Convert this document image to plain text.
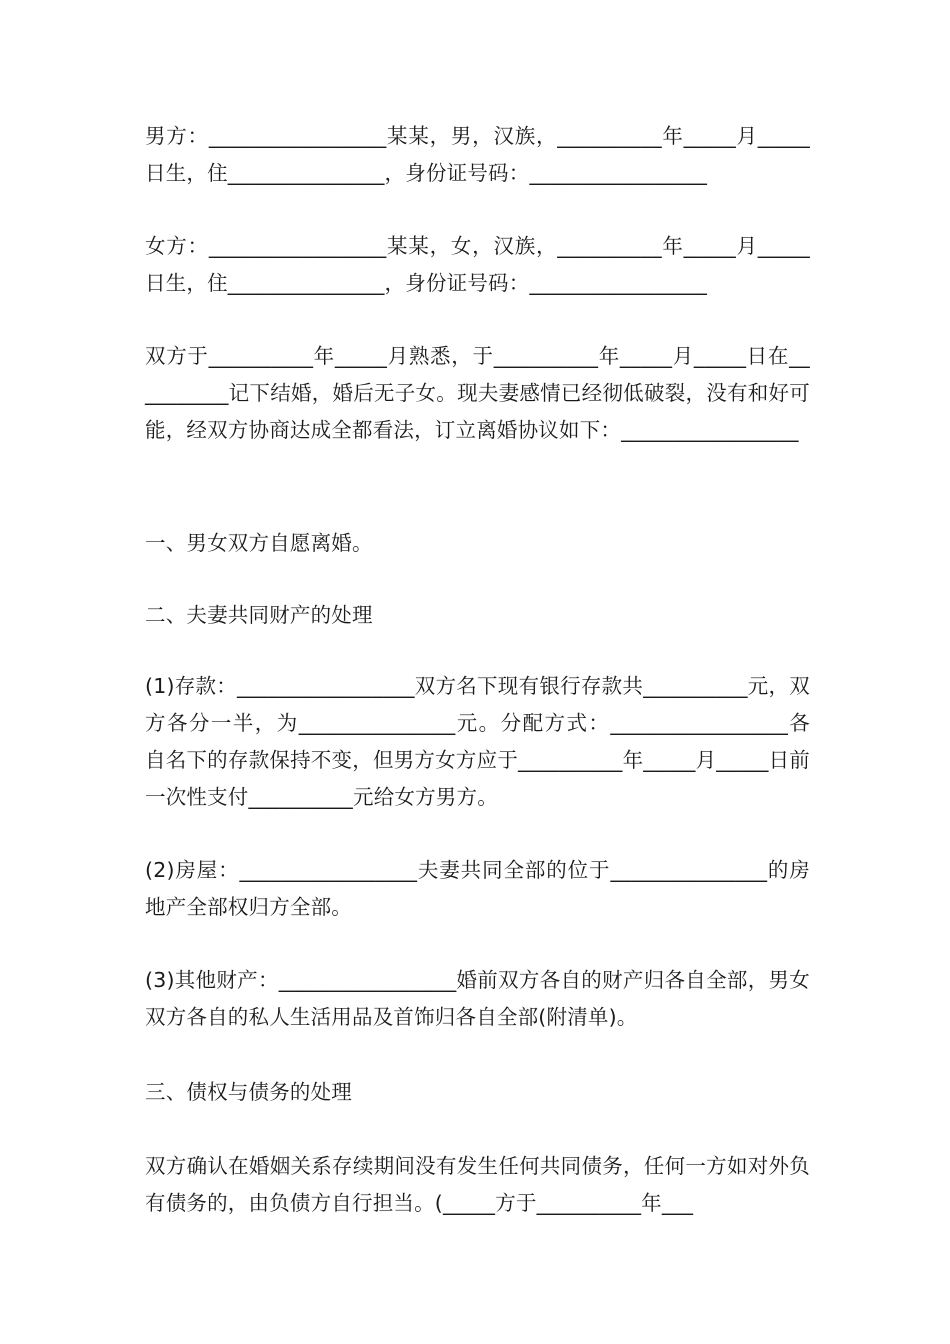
男方：_________________某某，男，汉族，__________年_____月_____日生，住_______________，身份证号码：_________________

女方：_________________某某，女，汉族，__________年_____月_____日生，住_______________，身份证号码：_________________

双方于__________年_____月熟悉，于__________年_____月_____日在__________记下结婚，婚后无子女。现夫妻感情已经彻低破裂，没有和好可能，经双方协商达成全都看法，订立离婚协议如下：_________________

一、男女双方自愿离婚。

二、夫妻共同财产的处理

(1)存款：_________________双方名下现有银行存款共__________元，双方各分一半，为_______________元。分配方式：_________________各自名下的存款保持不变，但男方女方应于__________年_____月_____日前一次性支付__________元给女方男方。

(2)房屋：_________________夫妻共同全部的位于_______________的房地产全部权归方全部。

(3)其他财产：_________________婚前双方各自的财产归各自全部，男女双方各自的私人生活用品及首饰归各自全部(附清单)。

三、债权与债务的处理

双方确认在婚姻关系存续期间没有发生任何共同债务，任何一方如对外负有债务的，由负债方自行担当。(_____方于__________年___
